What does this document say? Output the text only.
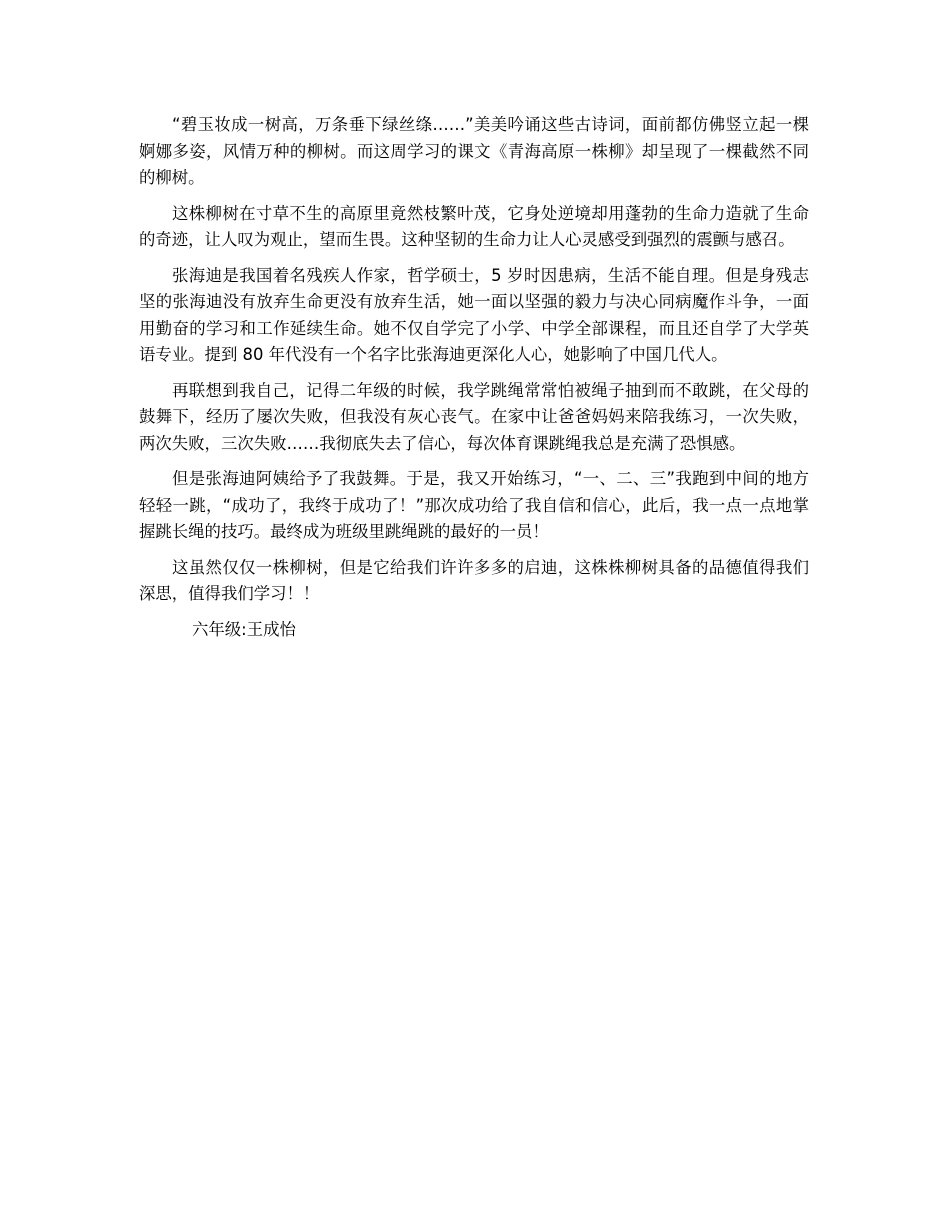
“碧玉妆成一树高，万条垂下绿丝绦……”美美吟诵这些古诗词，面前都仿佛竖立起一棵婀娜多姿，风情万种的柳树。而这周学习的课文《青海高原一株柳》却呈现了一棵截然不同的柳树。

这株柳树在寸草不生的高原里竟然枝繁叶茂，它身处逆境却用蓬勃的生命力造就了生命的奇迹，让人叹为观止，望而生畏。这种坚韧的生命力让人心灵感受到强烈的震颤与感召。

张海迪是我国着名残疾人作家，哲学硕士，5 岁时因患病，生活不能自理。但是身残志坚的张海迪没有放弃生命更没有放弃生活，她一面以坚强的毅力与决心同病魔作斗争，一面用勤奋的学习和工作延续生命。她不仅自学完了小学、中学全部课程，而且还自学了大学英语专业。提到 80 年代没有一个名字比张海迪更深化人心，她影响了中国几代人。

再联想到我自己，记得二年级的时候，我学跳绳常常怕被绳子抽到而不敢跳，在父母的鼓舞下，经历了屡次失败，但我没有灰心丧气。在家中让爸爸妈妈来陪我练习，一次失败，两次失败，三次失败……我彻底失去了信心，每次体育课跳绳我总是充满了恐惧感。

但是张海迪阿姨给予了我鼓舞。于是，我又开始练习，“一、二、三”我跑到中间的地方轻轻一跳，“成功了，我终于成功了！”那次成功给了我自信和信心，此后，我一点一点地掌握跳长绳的技巧。最终成为班级里跳绳跳的最好的一员！

这虽然仅仅一株柳树，但是它给我们许许多多的启迪，这株株柳树具备的品德值得我们深思，值得我们学习！！

六年级:王成怡
